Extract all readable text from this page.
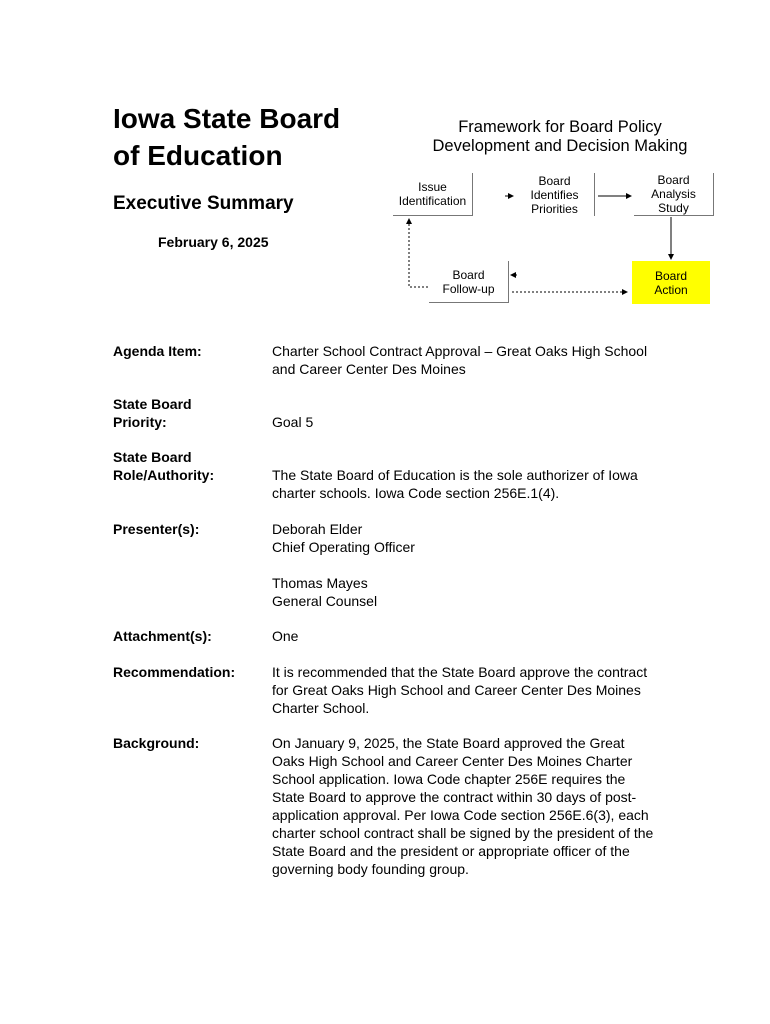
Iowa State Board
of Education
Executive Summary
February 6, 2025
Framework for Board Policy
Development and Decision Making
Issue
Identification
Board
Identifies
Priorities
Board
Analysis
Study
Board
Follow-up
Board
Action
Agenda Item:	Charter School Contract Approval – Great Oaks High School and Career Center Des Moines
State Board
Priority:	Goal 5
State Board
Role/Authority:	The State Board of Education is the sole authorizer of Iowa charter schools. Iowa Code section 256E.1(4).
Presenter(s):	Deborah Elder
Chief Operating Officer
Thomas Mayes
General Counsel
Attachment(s):	One
Recommendation:	It is recommended that the State Board approve the contract for Great Oaks High School and Career Center Des Moines Charter School.
Background:	On January 9, 2025, the State Board approved the Great Oaks High School and Career Center Des Moines Charter School application. Iowa Code chapter 256E requires the State Board to approve the contract within 30 days of post-application approval. Per Iowa Code section 256E.6(3), each charter school contract shall be signed by the president of the State Board and the president or appropriate officer of the governing body founding group.
